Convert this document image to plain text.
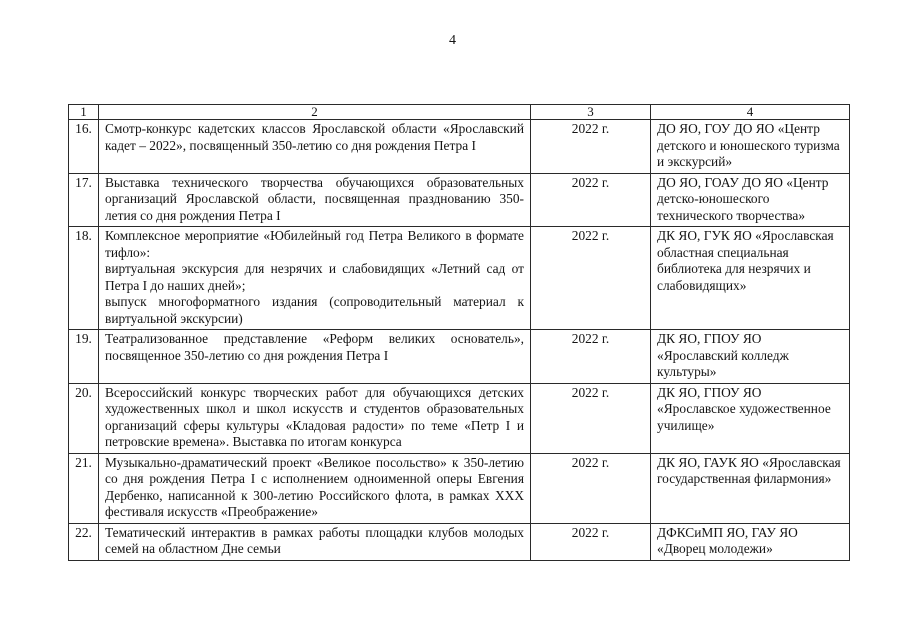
4
1	2	3	4
16.	Смотр-конкурс кадетских классов Ярославской области «Ярославский кадет – 2022», посвященный 350-летию со дня рождения Петра I	2022 г.	ДО ЯО, ГОУ ДО ЯО «Центр детского и юношеского туризма и экскурсий»
17.	Выставка технического творчества обучающихся образовательных организаций Ярославской области, посвященная празднованию 350-летия со дня рождения Петра I	2022 г.	ДО ЯО, ГОАУ ДО ЯО «Центр детско-юношеского технического творчества»
18.	Комплексное мероприятие «Юбилейный год Петра Великого в формате тифло»:

виртуальная экскурсия для незрячих и слабовидящих «Летний сад от Петра I до наших дней»;

выпуск многоформатного издания (сопроводительный материал к виртуальной экскурсии)	2022 г.	ДК ЯО, ГУК ЯО «Ярославская областная специальная библиотека для незрячих и слабовидящих»
19.	Театрализованное представление «Реформ великих основатель», посвященное 350-летию со дня рождения Петра I	2022 г.	ДК ЯО, ГПОУ ЯО «Ярославский колледж культуры»
20.	Всероссийский конкурс творческих работ для обучающихся детских художественных школ и школ искусств и студентов образовательных организаций сферы культуры «Кладовая радости» по теме «Петр I и петровские времена». Выставка по итогам конкурса	2022 г.	ДК ЯО, ГПОУ ЯО «Ярославское художественное училище»
21.	Музыкально-драматический проект «Великое посольство» к 350-летию со дня рождения Петра I с исполнением одноименной оперы Евгения Дербенко, написанной к 300-летию Российского флота, в рамках XXX фестиваля искусств «Преображение»	2022 г.	ДК ЯО, ГАУК ЯО «Ярославская государственная филармония»
22.	Тематический интерактив в рамках работы площадки клубов молодых семей на областном Дне семьи	2022 г.	ДФКСиМП ЯО, ГАУ ЯО «Дворец молодежи»
